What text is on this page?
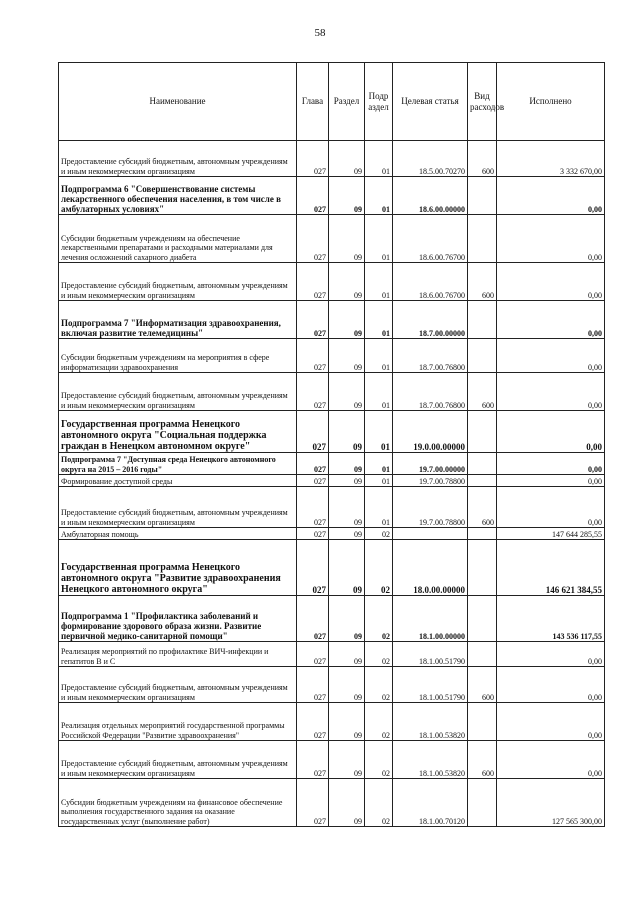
58
Наименование	Глава	Раздел	Подраздел	Целевая статья	Вид расходов	Исполнено
Предоставление субсидий бюджетным, автономным учреждениям и иным некоммерческим организациям	027	09	01	18.5.00.70270	600	3 332 670,00
Подпрограмма 6 "Совершенствование системы лекарственного обеспечения населения, в том числе в амбулаторных условиях"	027	09	01	18.6.00.00000		0,00
Субсидии бюджетным учреждениям на обеспечение лекарственными препаратами и расходными материалами для лечения осложнений сахарного диабета	027	09	01	18.6.00.76700		0,00
Предоставление субсидий бюджетным, автономным учреждениям и иным некоммерческим организациям	027	09	01	18.6.00.76700	600	0,00
Подпрограмма 7 "Информатизация здравоохранения, включая развитие телемедицины"	027	09	01	18.7.00.00000		0,00
Субсидии бюджетным учреждениям на мероприятия в сфере информатизации здравоохранения	027	09	01	18.7.00.76800		0,00
Предоставление субсидий бюджетным, автономным учреждениям и иным некоммерческим организациям	027	09	01	18.7.00.76800	600	0,00
Государственная программа Ненецкого автономного округа "Социальная поддержка граждан в Ненецком автономном округе"	027	09	01	19.0.00.00000		0,00
Подпрограмма 7 "Доступная среда Ненецкого автономного округа на 2015 – 2016 годы"	027	09	01	19.7.00.00000		0,00
Формирование доступной среды	027	09	01	19.7.00.78800		0,00
Предоставление субсидий бюджетным, автономным учреждениям и иным некоммерческим организациям	027	09	01	19.7.00.78800	600	0,00
Амбулаторная помощь	027	09	02			147 644 285,55
Государственная программа Ненецкого автономного округа "Развитие здравоохранения Ненецкого автономного округа"	027	09	02	18.0.00.00000		146 621 384,55
Подпрограмма 1 "Профилактика заболеваний и формирование здорового образа жизни. Развитие первичной медико-санитарной помощи"	027	09	02	18.1.00.00000		143 536 117,55
Реализация мероприятий по профилактике ВИЧ-инфекции и гепатитов В и С	027	09	02	18.1.00.51790		0,00
Предоставление субсидий бюджетным, автономным учреждениям и иным некоммерческим организациям	027	09	02	18.1.00.51790	600	0,00
Реализация отдельных мероприятий государственной программы Российской Федерации "Развитие здравоохранения"	027	09	02	18.1.00.53820		0,00
Предоставление субсидий бюджетным, автономным учреждениям и иным некоммерческим организациям	027	09	02	18.1.00.53820	600	0,00
Субсидии бюджетным учреждениям на финансовое обеспечение выполнения государственного задания на оказание государственных услуг (выполнение работ)	027	09	02	18.1.00.70120		127 565 300,00
